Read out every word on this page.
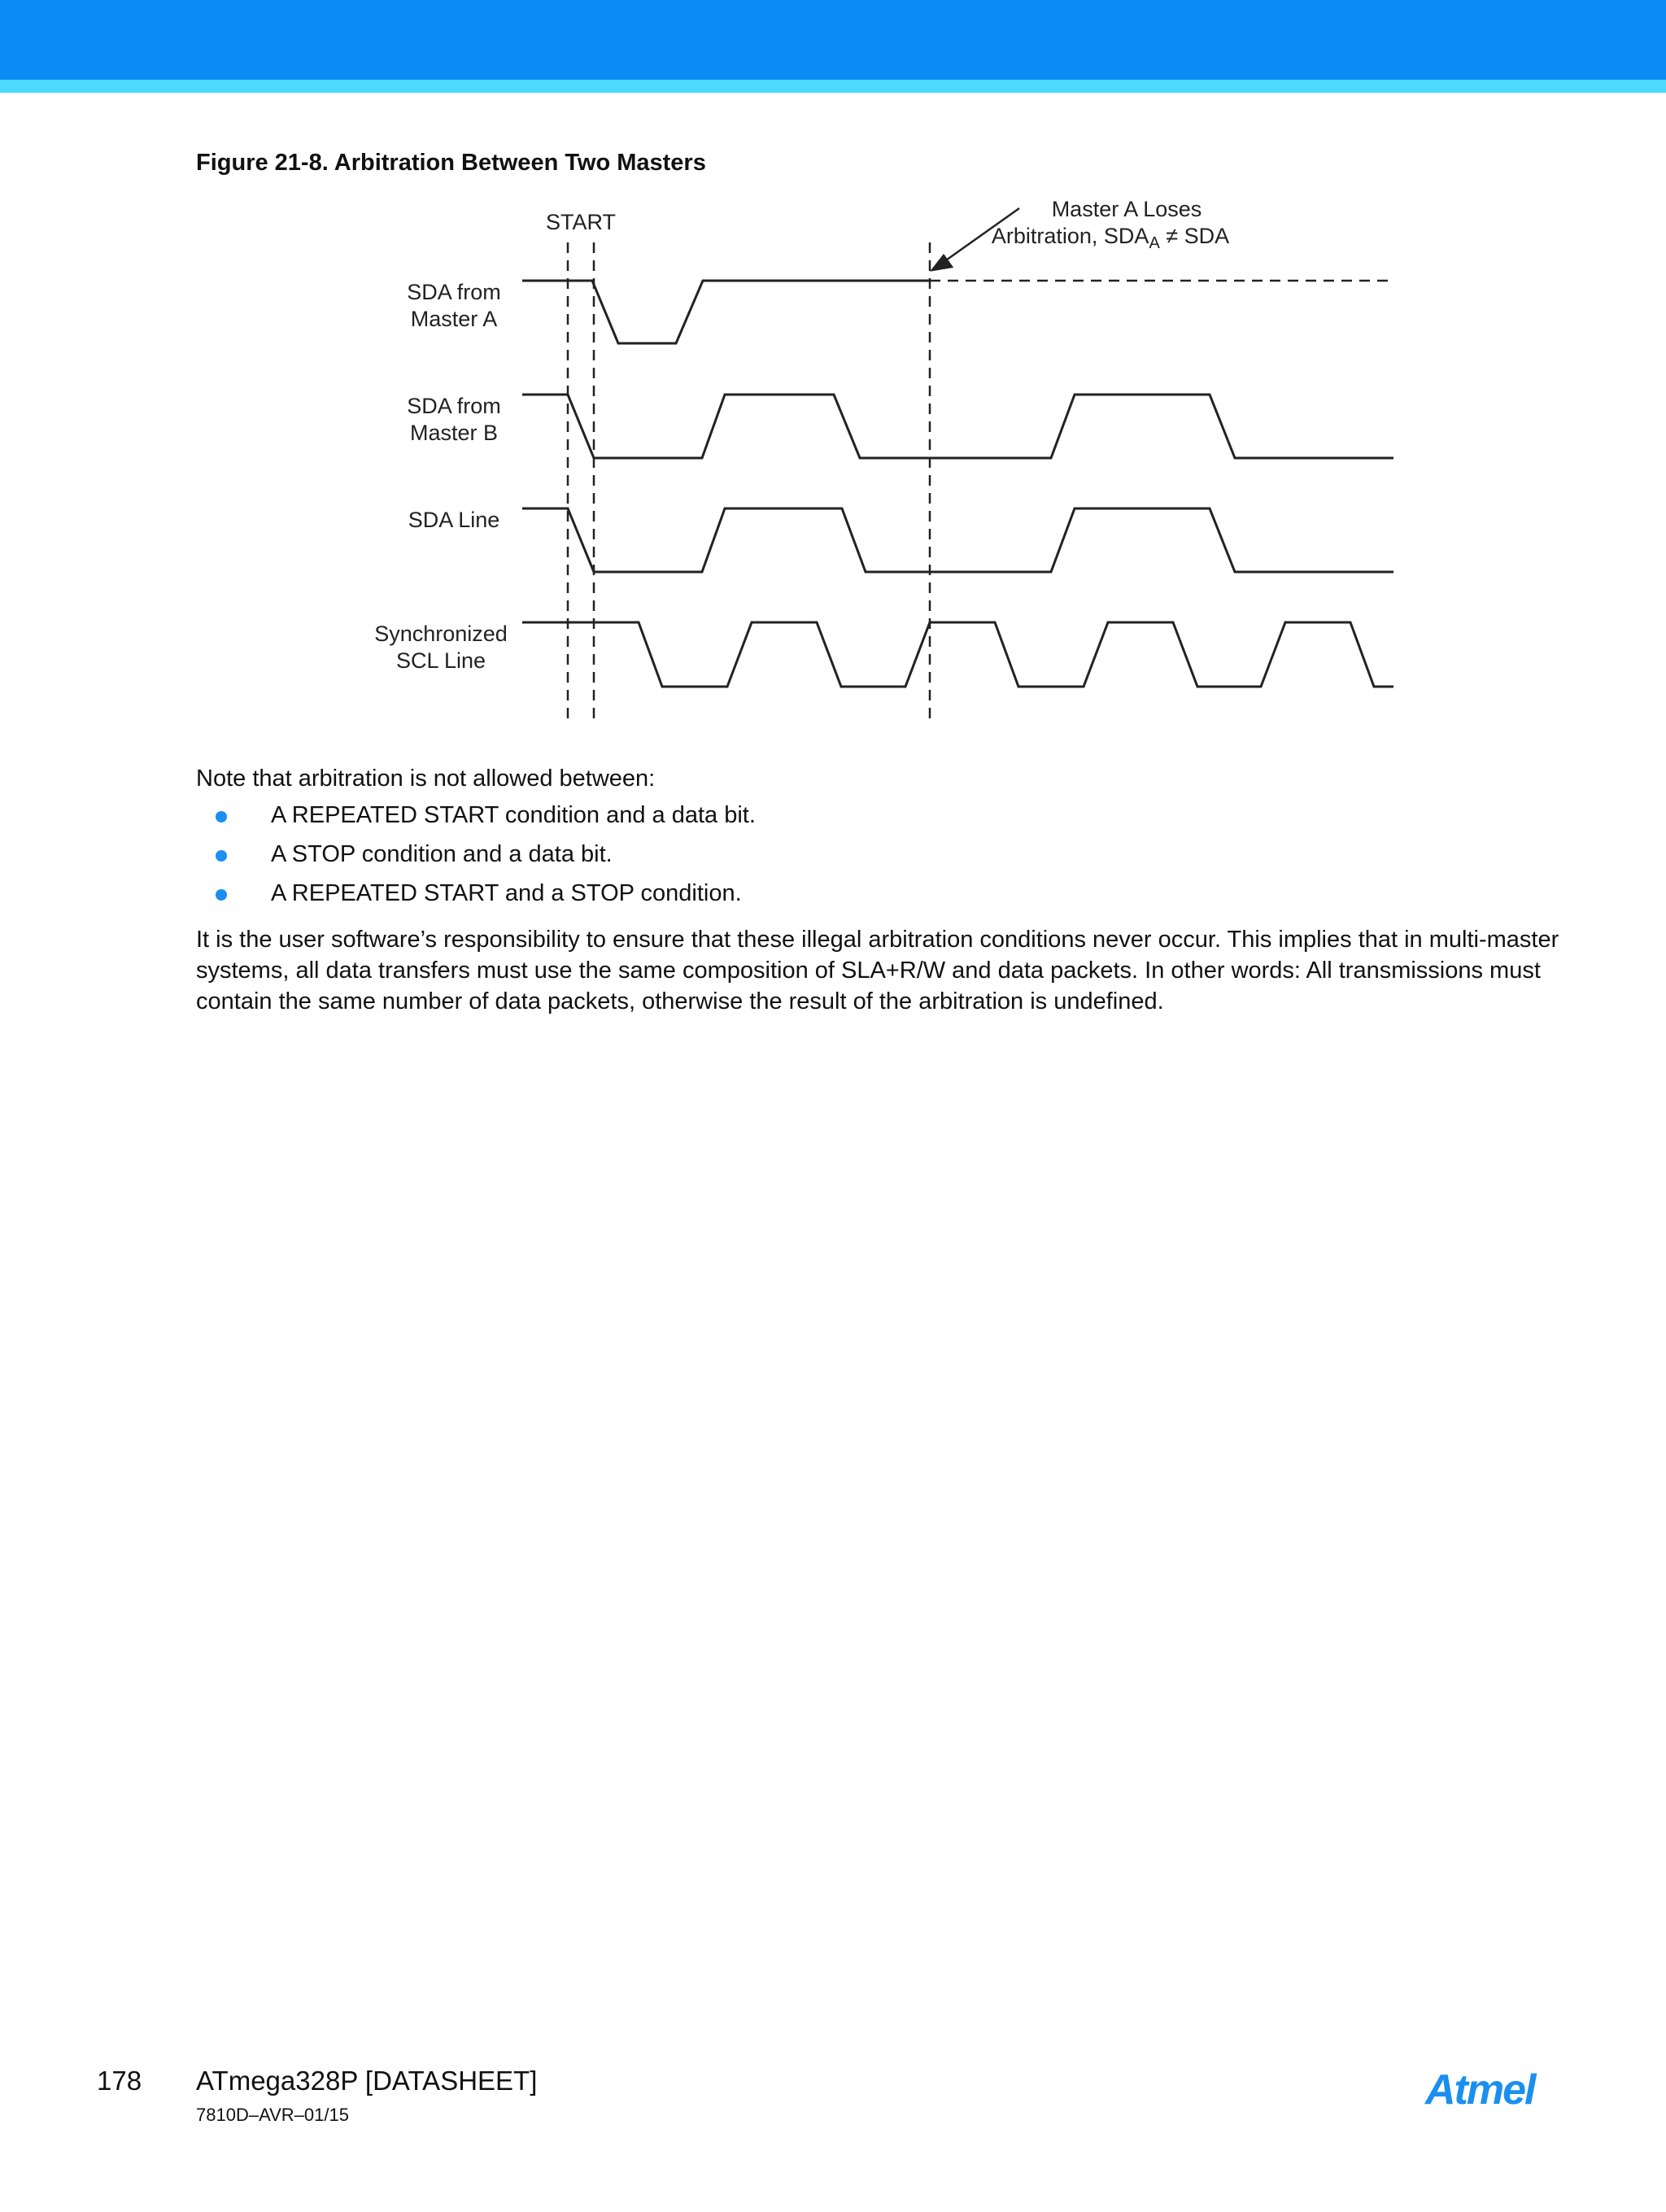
Figure 21-8. Arbitration Between Two Masters

START
Master A Loses
Arbitration, $SDA_A$ ≠ SDA
SDA from
Master A
SDA from
Master B
SDA Line
Synchronized
SCL Line

Note that arbitration is not allowed between:

A REPEATED START condition and a data bit.
A STOP condition and a data bit.
A REPEATED START and a STOP condition.

It is the user software’s responsibility to ensure that these illegal arbitration conditions never occur. This implies that in multi-master systems, all data transfers must use the same composition of SLA+R/W and data packets. In other words: All transmissions must contain the same number of data packets, otherwise the result of the arbitration is undefined.

178 ATmega328P [DATASHEET]
7810D–AVR–01/15
Atmel
